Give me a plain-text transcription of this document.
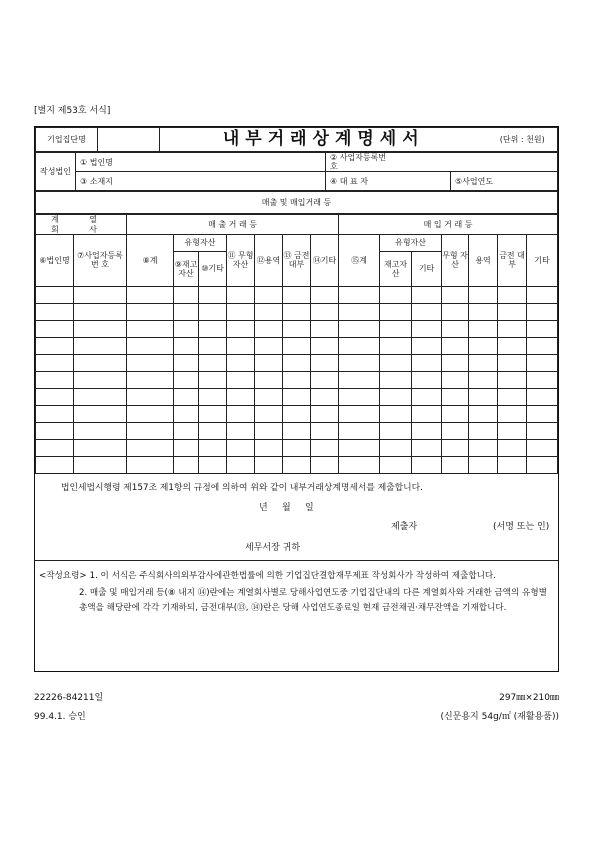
[별지 제53호 서식]
기업집단명		내부거래상계명세서	(단위 : 천원)
작성법인	① 법인명		② 사업자등록번호			
	③ 소재지		④ 대 표 자		⑤사업연도	
매출 및 매입거래 등
계 열 회 사		매 출 거 래 등							매 입 거 래 등						
⑥법인명	⑦사업자등록 번 호	⑧계	유형자산		⑪ 무형 자산	⑫용역	⑬ 금전 대부	⑭기타	⑮계	유형자산		무형 자산	용역	금전 대부	기타
			⑨재고 자산	⑩기타						재고자 산	기타				

법인세법시행령 제157조 제1항의 규정에 의하여 위와 같이 내부거래상계명세서를 제출합니다.
년     월     일
제출자	(서명 또는 인)
세무서장 귀하
<작성요령> 1. 이 서식은 주식회사의외부감사에관한법률에 의한 기업집단결합재무제표 작성회사가 작성하여 제출합니다.
2. 매출 및 매입거래 등(⑧ 내지 ⑭)란에는 계열회사별로 당해사업연도중 기업집단내의 다른 계열회사와 거래한 금액의 유형별 총액을 해당란에 각각 기재하되, 금전대부(⑬, ⑭)란은 당해 사업연도종료일 현재 금전채권·채무잔액을 기재합니다.
22226-84211일
99.4.1. 승인
297㎜×210㎜
(신문용지 54g/㎡ (재활용품))
